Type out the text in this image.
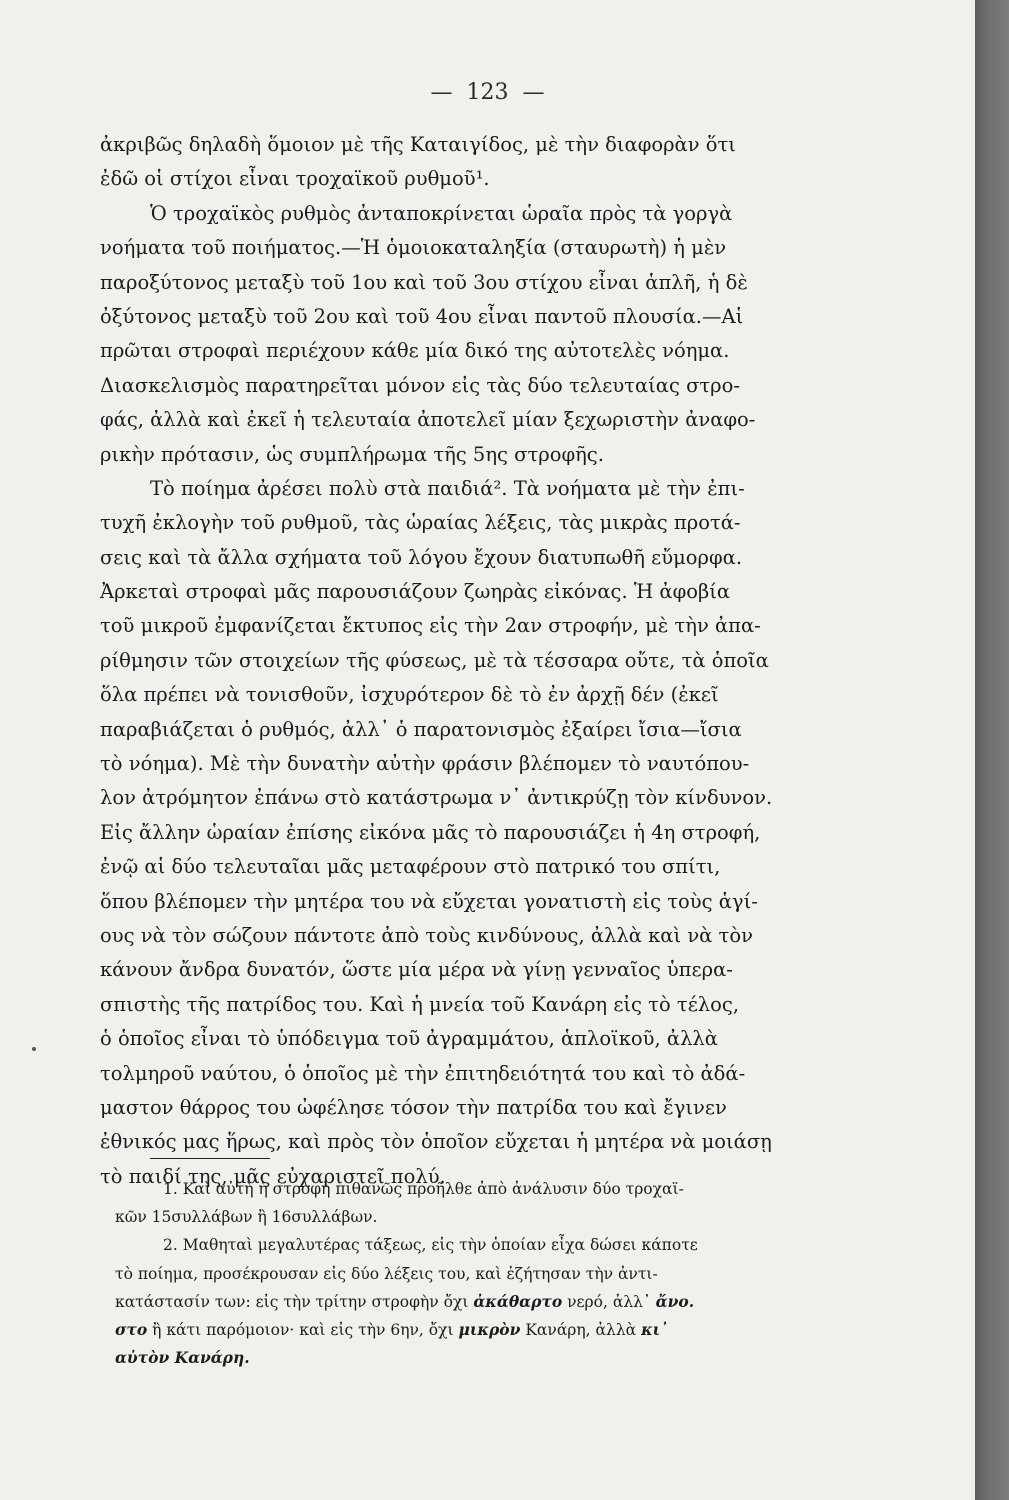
— 123 —
ἀκριβῶς δηλαδὴ ὅμοιον μὲ τῆς Καταιγίδος, μὲ τὴν διαφορὰν ὅτι
ἐδῶ οἱ στίχοι εἶναι τροχαϊκοῦ ρυθμοῦ¹.
Ὁ τροχαϊκὸς ρυθμὸς ἀνταποκρίνεται ὡραῖα πρὸς τὰ γοργὰ
νοήματα τοῦ ποιήματος.—Ἡ ὁμοιοκαταληξία (σταυρωτὴ) ἡ μὲν
παροξύτονος μεταξὺ τοῦ 1ου καὶ τοῦ 3ου στίχου εἶναι ἁπλῆ, ἡ δὲ
ὀξύτονος μεταξὺ τοῦ 2ου καὶ τοῦ 4ου εἶναι παντοῦ πλουσία.—Αἱ
πρῶται στροφαὶ περιέχουν κάθε μία δικό της αὐτοτελὲς νόημα.
Διασκελισμὸς παρατηρεῖται μόνον εἰς τὰς δύο τελευταίας στρο-
φάς, ἀλλὰ καὶ ἐκεῖ ἡ τελευταία ἀποτελεῖ μίαν ξεχωριστὴν ἀναφο-
ρικὴν πρότασιν, ὡς συμπλήρωμα τῆς 5ης στροφῆς.
Τὸ ποίημα ἀρέσει πολὺ στὰ παιδιά². Τὰ νοήματα μὲ τὴν ἐπι-
τυχῆ ἐκλογὴν τοῦ ρυθμοῦ, τὰς ὡραίας λέξεις, τὰς μικρὰς προτά-
σεις καὶ τὰ ἄλλα σχήματα τοῦ λόγου ἔχουν διατυπωθῆ εὔμορφα.
Ἀρκεταὶ στροφαὶ μᾶς παρουσιάζουν ζωηρὰς εἰκόνας. Ἡ ἀφοβία
τοῦ μικροῦ ἐμφανίζεται ἔκτυπος εἰς τὴν 2αν στροφήν, μὲ τὴν ἀπα-
ρίθμησιν τῶν στοιχείων τῆς φύσεως, μὲ τὰ τέσσαρα οὔτε, τὰ ὁποῖα
ὅλα πρέπει νὰ τονισθοῦν, ἰσχυρότερον δὲ τὸ ἐν ἀρχῇ δέν (ἐκεῖ
παραβιάζεται ὁ ρυθμός, ἀλλ᾽ ὁ παρατονισμὸς ἐξαίρει ἴσια—ἴσια
τὸ νόημα). Μὲ τὴν δυνατὴν αὐτὴν φράσιν βλέπομεν τὸ ναυτόπου-
λον ἀτρόμητον ἐπάνω στὸ κατάστρωμα ν᾽ ἀντικρύζῃ τὸν κίνδυνον.
Εἰς ἄλλην ὡραίαν ἐπίσης εἰκόνα μᾶς τὸ παρουσιάζει ἡ 4η στροφή,
ἐνῷ αἱ δύο τελευταῖαι μᾶς μεταφέρουν στὸ πατρικό του σπίτι,
ὅπου βλέπομεν τὴν μητέρα του νὰ εὔχεται γονατιστὴ εἰς τοὺς ἁγί-
ους νὰ τὸν σώζουν πάντοτε ἀπὸ τοὺς κινδύνους, ἀλλὰ καὶ νὰ τὸν
κάνουν ἄνδρα δυνατόν, ὥστε μία μέρα νὰ γίνῃ γενναῖος ὑπερα-
σπιστὴς τῆς πατρίδος του. Καὶ ἡ μνεία τοῦ Κανάρη εἰς τὸ τέλος,
ὁ ὁποῖος εἶναι τὸ ὑπόδειγμα τοῦ ἀγραμμάτου, ἁπλοϊκοῦ, ἀλλὰ
τολμηροῦ ναύτου, ὁ ὁποῖος μὲ τὴν ἐπιτηδειότητά του καὶ τὸ ἀδά-
μαστον θάρρος του ὠφέλησε τόσον τὴν πατρίδα του καὶ ἔγινεν
ἐθνικός μας ἥρως, καὶ πρὸς τὸν ὁποῖον εὔχεται ἡ μητέρα νὰ μοιάσῃ
τὸ παιδί της, μᾶς εὐχαριστεῖ πολύ.
1. Καὶ αὐτὴ ἡ στροφὴ πιθανῶς προῆλθε ἀπὸ ἀνάλυσιν δύο τροχαϊ-
κῶν 15συλλάβων ἢ 16συλλάβων.
2. Μαθηταὶ μεγαλυτέρας τάξεως, εἰς τὴν ὁποίαν εἶχα δώσει κάποτε
τὸ ποίημα, προσέκρουσαν εἰς δύο λέξεις του, καὶ ἐζήτησαν τὴν ἀντι-
κατάστασίν των: εἰς τὴν τρίτην στροφὴν ὄχι ἀκάθαρτο νερό, ἀλλ᾽ ἄνο.
στο ἢ κάτι παρόμοιον· καὶ εἰς τὴν 6ην, ὄχι μικρὸν Κανάρη, ἀλλὰ κι᾽
αὐτὸν Κανάρη.
